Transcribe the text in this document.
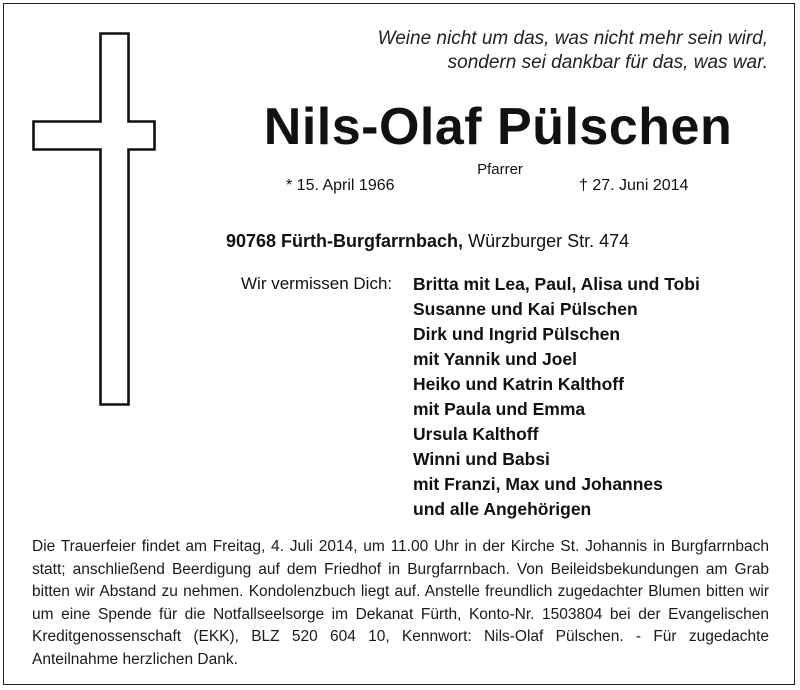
Weine nicht um das, was nicht mehr sein wird,
sondern sei dankbar für das, was war.
Nils-Olaf Pülschen
Pfarrer
* 15. April 1966	† 27. Juni 2014
90768 Fürth-Burgfarrnbach, Würzburger Str. 474
Wir vermissen Dich: Britta mit Lea, Paul, Alisa und Tobi
Susanne und Kai Pülschen
Dirk und Ingrid Pülschen
mit Yannik und Joel
Heiko und Katrin Kalthoff
mit Paula und Emma
Ursula Kalthoff
Winni und Babsi
mit Franzi, Max und Johannes
und alle Angehörigen
Die Trauerfeier findet am Freitag, 4. Juli 2014, um 11.00 Uhr in der Kirche St. Johannis in Burgfarrnbach statt; anschließend Beerdigung auf dem Friedhof in Burgfarrnbach. Von Beileidsbekundungen am Grab bitten wir Abstand zu nehmen. Kondolenzbuch liegt auf. Anstelle freundlich zugedachter Blumen bitten wir um eine Spende für die Notfallseelsorge im Dekanat Fürth, Konto-Nr. 1503804 bei der Evangelischen Kreditgenossenschaft (EKK), BLZ 520 604 10, Kennwort: Nils-Olaf Pülschen. - Für zugedachte Anteilnahme herzlichen Dank.
